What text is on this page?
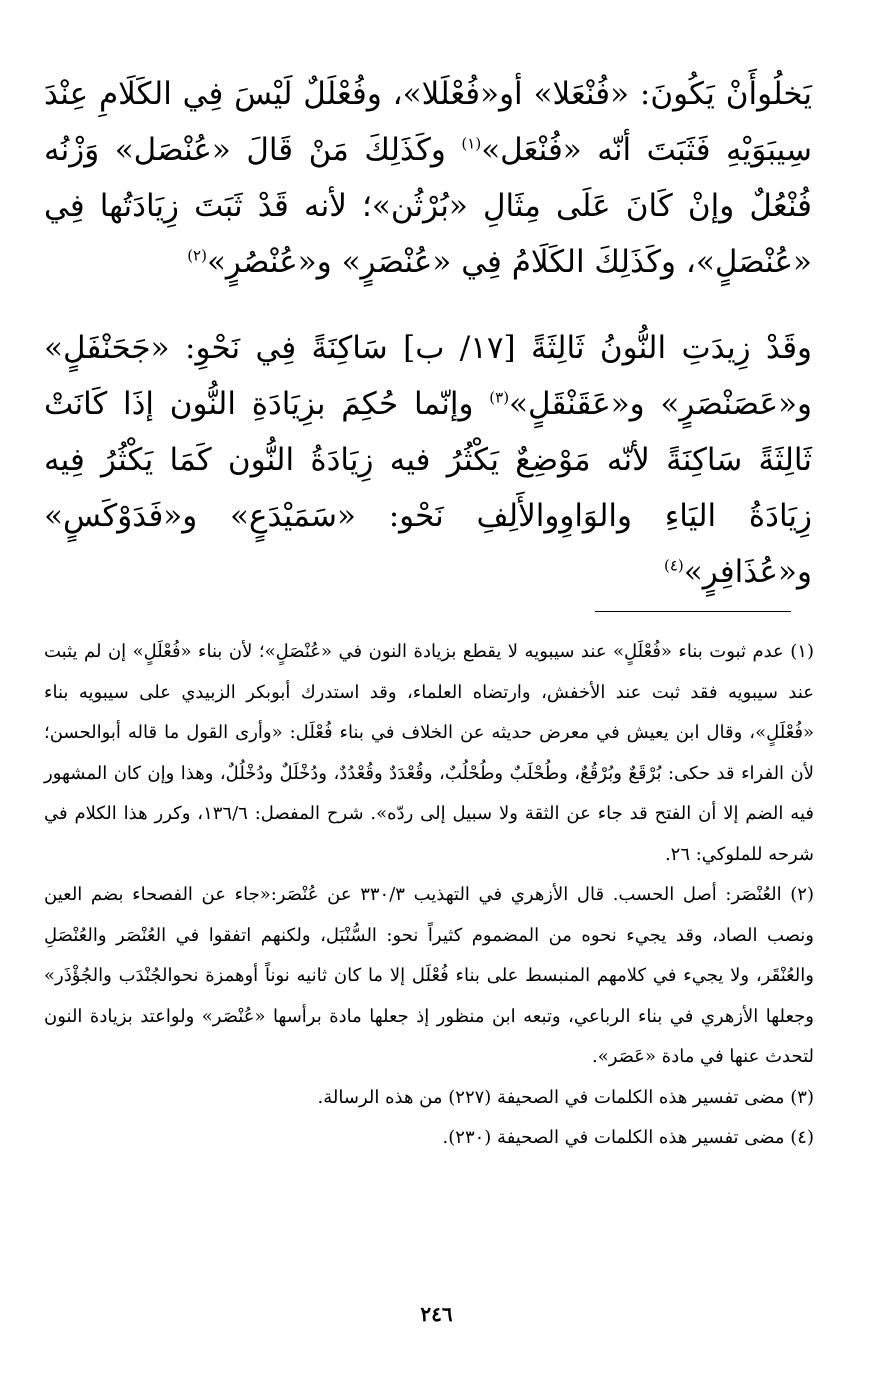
يَخلُوأَنْ يَكُونَ: «فُنْعَلا» أو«فُعْلَلا»، وفُعْلَلٌ لَيْسَ فِي الكَلَامِ عِنْدَ سِيبَوَيْهِ فَثَبَتَ أنّه «فُنْعَل»$^{(١)}$ وكَذَلِكَ مَنْ قَالَ «عُنْصَل» وَزْنُه فُنْعُلٌ وإنْ كَانَ عَلَى مِثَالِ «بُرْثُن»؛ لأنه قَدْ ثَبَتَ زِيَادَتُها فِي «عُنْصَلٍ»، وكَذَلِكَ الكَلَامُ فِي «عُنْصَرٍ» و«عُنْصُرٍ»$^{(٢)}$

وقَدْ زِيدَتِ النُّونُ ثَالِثَةً [١٧/ ب] سَاكِنَةً فِي نَحْوِ: «جَحَنْفَلٍ» و«عَصَنْصَرٍ» و«عَقَنْقَلٍ»$^{(٣)}$ وإنّما حُكِمَ بزِيَادَةِ النُّون إذَا كَانَتْ ثَالِثَةً سَاكِنَةً لأنّه مَوْضِعٌ يَكْثُرُ فيه زِيَادَةُ النُّون كَمَا يَكْثُرُ فِيه زِيَادَةُ اليَاءِ والوَاوِوالأَلِفِ نَحْو: «سَمَيْدَعٍ» و«فَدَوْكَسٍ» و«عُذَافِرٍ»$^{(٤)}$

(١) عدم ثبوت بناء «فُعْلَلٍ» عند سيبويه لا يقطع بزيادة النون في «عُنْصَلٍ»؛ لأن بناء «فُعْلَلٍ» إن لم يثبت عند سيبويه فقد ثبت عند الأخفش، وارتضاه العلماء، وقد استدرك أبوبكر الزبيدي على سيبويه بناء «فُعْلَلٍ»، وقال ابن يعيش في معرض حديثه عن الخلاف في بناء فُعْلَل: «وأرى القول ما قاله أبوالحسن؛ لأن الفراء قد حكى: بُرْقَعٌ وبُرْقُعٌ، وطُحْلَبٌ وطُحْلُبٌ، وقُعْدَدٌ وقُعْدُدٌ، ودُخْلَلٌ ودُخْلُلٌ، وهذا وإن كان المشهور فيه الضم إلا أن الفتح قد جاء عن الثقة ولا سبيل إلى ردّه». شرح المفصل: ١٣٦/٦، وكرر هذا الكلام في شرحه للملوكي: ٢٦.

(٢) العُنْصَر: أصل الحسب. قال الأزهري في التهذيب ٣٣٠/٣ عن عُنْصَر:«جاء عن الفصحاء بضم العين ونصب الصاد، وقد يجيء نحوه من المضموم كثيراً نحو: السُّنْبَل، ولكنهم اتفقوا في العُنْصَر والعُنْصَلِ والعُنْقَر، ولا يجيء في كلامهم المنبسط على بناء فُعْلَل إلا ما كان ثانيه نوناً أوهمزة نحوالجُنْدَب والجُؤْذَر» وجعلها الأزهري في بناء الرباعي، وتبعه ابن منظور إذ جعلها مادة برأسها «عُنْصَر» ولواعتد بزيادة النون لتحدث عنها في مادة «عَصَر».

(٣) مضى تفسير هذه الكلمات في الصحيفة (٢٢٧) من هذه الرسالة.

(٤) مضى تفسير هذه الكلمات في الصحيفة (٢٣٠).

٢٤٦
